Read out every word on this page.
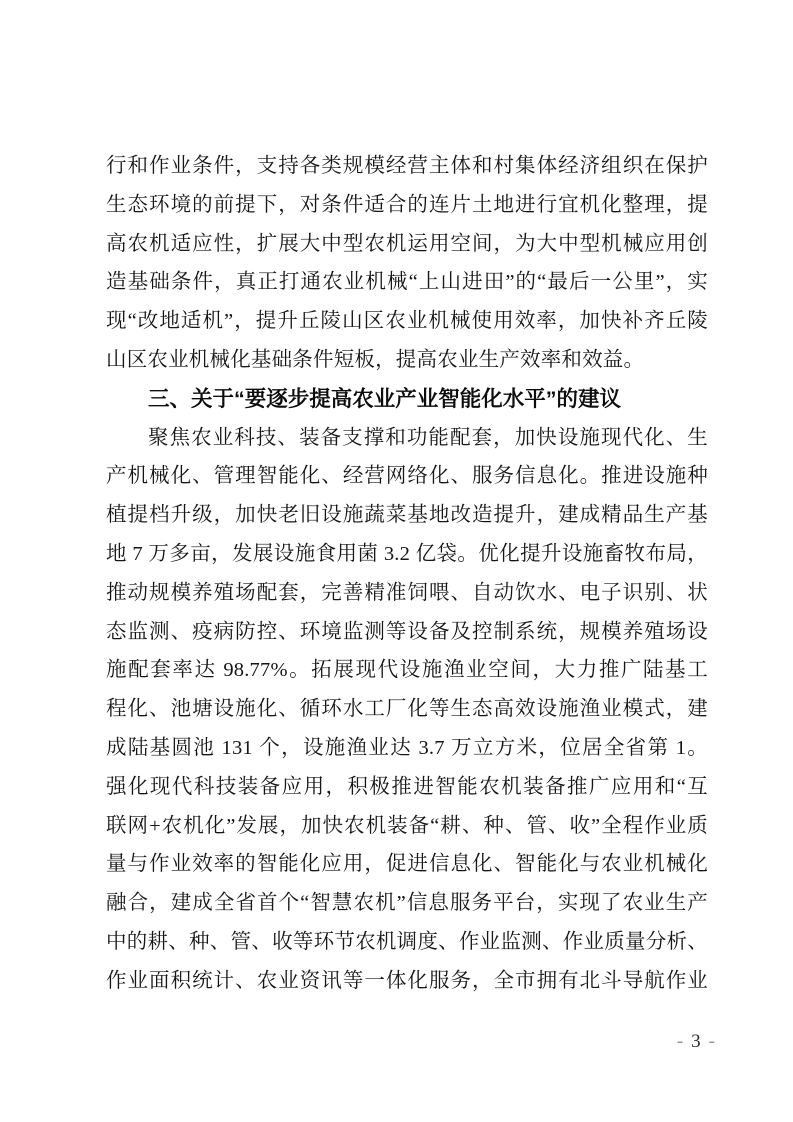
行和作业条件，支持各类规模经营主体和村集体经济组织在保护
生态环境的前提下，对条件适合的连片土地进行宜机化整理，提
高农机适应性，扩展大中型农机运用空间，为大中型机械应用创
造基础条件，真正打通农业机械“上山进田”的“最后一公里”，实
现“改地适机”，提升丘陵山区农业机械使用效率，加快补齐丘陵
山区农业机械化基础条件短板，提高农业生产效率和效益。
三、关于“要逐步提高农业产业智能化水平”的建议
聚焦农业科技、装备支撑和功能配套，加快设施现代化、生
产机械化、管理智能化、经营网络化、服务信息化。推进设施种
植提档升级，加快老旧设施蔬菜基地改造提升，建成精品生产基
地 7 万多亩，发展设施食用菌 3.2 亿袋。优化提升设施畜牧布局，
推动规模养殖场配套，完善精准饲喂、自动饮水、电子识别、状
态监测、疫病防控、环境监测等设备及控制系统，规模养殖场设
施配套率达 98.77%。拓展现代设施渔业空间，大力推广陆基工
程化、池塘设施化、循环水工厂化等生态高效设施渔业模式，建
成陆基圆池 131 个，设施渔业达 3.7 万立方米，位居全省第 1。
强化现代科技装备应用，积极推进智能农机装备推广应用和“互
联网+农机化”发展，加快农机装备“耕、种、管、收”全程作业质
量与作业效率的智能化应用，促进信息化、智能化与农业机械化
融合，建成全省首个“智慧农机”信息服务平台，实现了农业生产
中的耕、种、管、收等环节农机调度、作业监测、作业质量分析、
作业面积统计、农业资讯等一体化服务，全市拥有北斗导航作业
- 3 -
